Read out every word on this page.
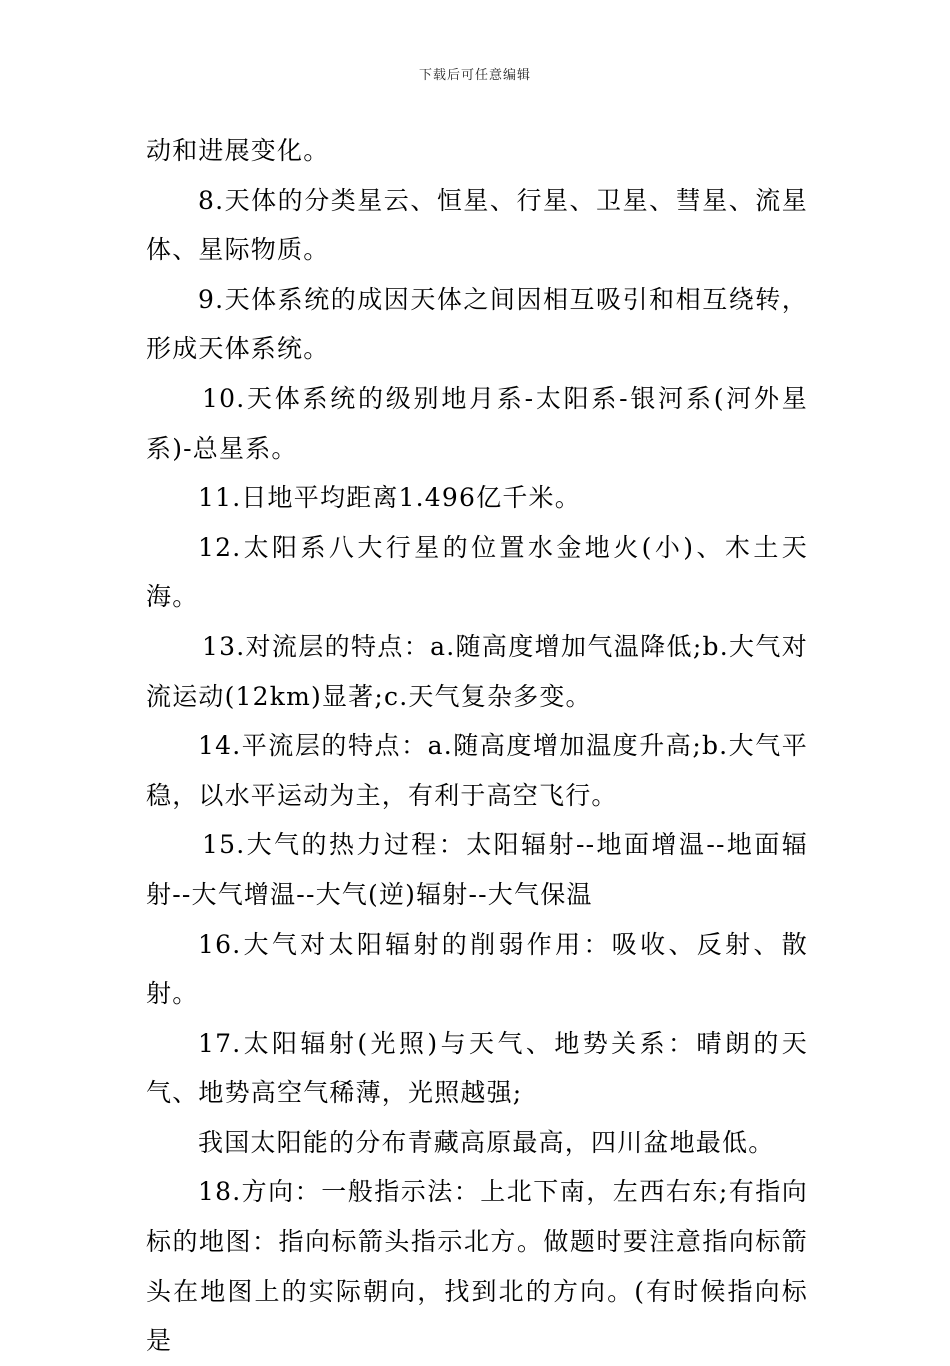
下载后可任意编辑

动和进展变化。

8.天体的分类星云、恒星、行星、卫星、彗星、流星体、星际物质。

9.天体系统的成因天体之间因相互吸引和相互绕转，形成天体系统。

10.天体系统的级别地月系-太阳系-银河系(河外星系)-总星系。

11.日地平均距离1.496亿千米。

12.太阳系八大行星的位置水金地火(小)、木土天海。

13.对流层的特点：a.随高度增加气温降低;b.大气对流运动(12km)显著;c.天气复杂多变。

14.平流层的特点：a.随高度增加温度升高;b.大气平稳，以水平运动为主，有利于高空飞行。

15.大气的热力过程：太阳辐射--地面增温--地面辐射--大气增温--大气(逆)辐射--大气保温

16.大气对太阳辐射的削弱作用：吸收、反射、散射。

17.太阳辐射(光照)与天气、地势关系：晴朗的天气、地势高空气稀薄，光照越强;

我国太阳能的分布青藏高原最高，四川盆地最低。

18.方向：一般指示法：上北下南，左西右东;有指向标的地图：指向标箭头指示北方。做题时要注意指向标箭头在地图上的实际朝向，找到北的方向。(有时候指向标是
